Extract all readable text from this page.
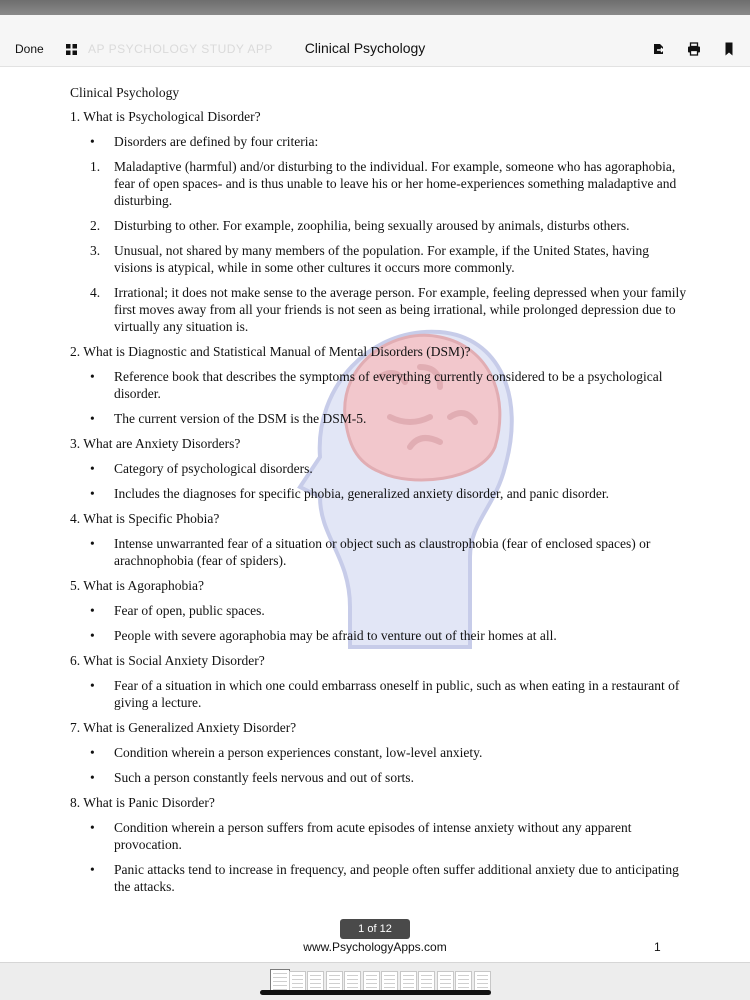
Done	AP PSYCHOLOGY STUDY APP	Clinical Psychology
Clinical Psychology
1. What is Psychological Disorder?
•	Disorders are defined by four criteria:
1.	Maladaptive (harmful) and/or disturbing to the individual. For example, someone who has agoraphobia, fear of open spaces- and is thus unable to leave his or her home-experiences something maladaptive and disturbing.
2.	Disturbing to other. For example, zoophilia, being sexually aroused by animals, disturbs others.
3.	Unusual, not shared by many members of the population. For example, if the United States, having visions is atypical, while in some other cultures it occurs more commonly.
4.	Irrational; it does not make sense to the average person. For example, feeling depressed when your family first moves away from all your friends is not seen as being irrational, while prolonged depression due to virtually any situation is.
2. What is Diagnostic and Statistical Manual of Mental Disorders (DSM)?
•	Reference book that describes the symptoms of everything currently considered to be a psychological disorder.
•	The current version of the DSM is the DSM-5.
3. What are Anxiety Disorders?
•	Category of psychological disorders.
•	Includes the diagnoses for specific phobia, generalized anxiety disorder, and panic disorder.
4. What is Specific Phobia?
•	Intense unwarranted fear of a situation or object such as claustrophobia (fear of enclosed spaces) or arachnophobia (fear of spiders).
5. What is Agoraphobia?
•	Fear of open, public spaces.
•	People with severe agoraphobia may be afraid to venture out of their homes at all.
6. What is Social Anxiety Disorder?
•	Fear of a situation in which one could embarrass oneself in public, such as when eating in a restaurant of giving a lecture.
7. What is Generalized Anxiety Disorder?
•	Condition wherein a person experiences constant, low-level anxiety.
•	Such a person constantly feels nervous and out of sorts.
8. What is Panic Disorder?
•	Condition wherein a person suffers from acute episodes of intense anxiety without any apparent provocation.
•	Panic attacks tend to increase in frequency, and people often suffer additional anxiety due to anticipating the attacks.
1 of 12
www.PsychologyApps.com	1
